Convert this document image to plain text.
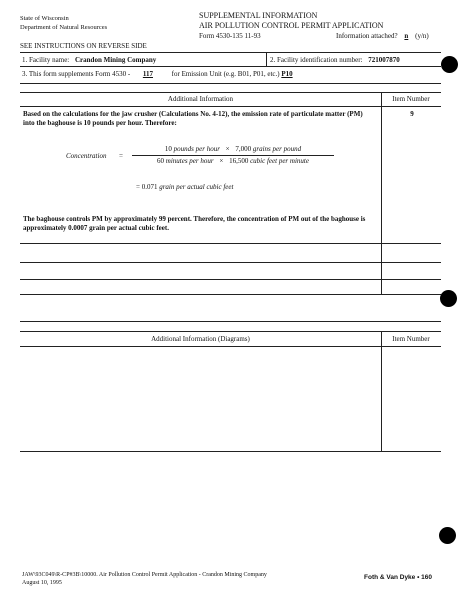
State of Wisconsin
Department of Natural Resources
SUPPLEMENTAL INFORMATION
AIR POLLUTION CONTROL PERMIT APPLICATION
Form 4530-135 11-93	Information attached? n (y/n)
SEE INSTRUCTIONS ON REVERSE SIDE
1. Facility name: Crandon Mining Company	2. Facility identification number: 721007870
3. This form supplements Form 4530 - 117	for Emission Unit (e.g. B01, P01, etc.) P10
Additional Information	Item Number
9
Based on the calculations for the jaw crusher (Calculations No. 4-12), the emission rate of particulate matter (PM) into the baghouse is 10 pounds per hour. Therefore:
Concentration =
10 pounds per hour × 7,000 grains per pound
60 minutes per hour × 16,500 cubic feet per minute
= 0.071 grain per actual cubic feet
The baghouse controls PM by approximately 99 percent. Therefore, the concentration of PM out of the baghouse is approximately 0.0007 grain per actual cubic feet.
Additional Information (Diagrams)	Item Number
JAW\93C049\R-CP#3B\10000. Air Pollution Control Permit Application - Crandon Mining Company
August 10, 1995
Foth & Van Dyke • 160
